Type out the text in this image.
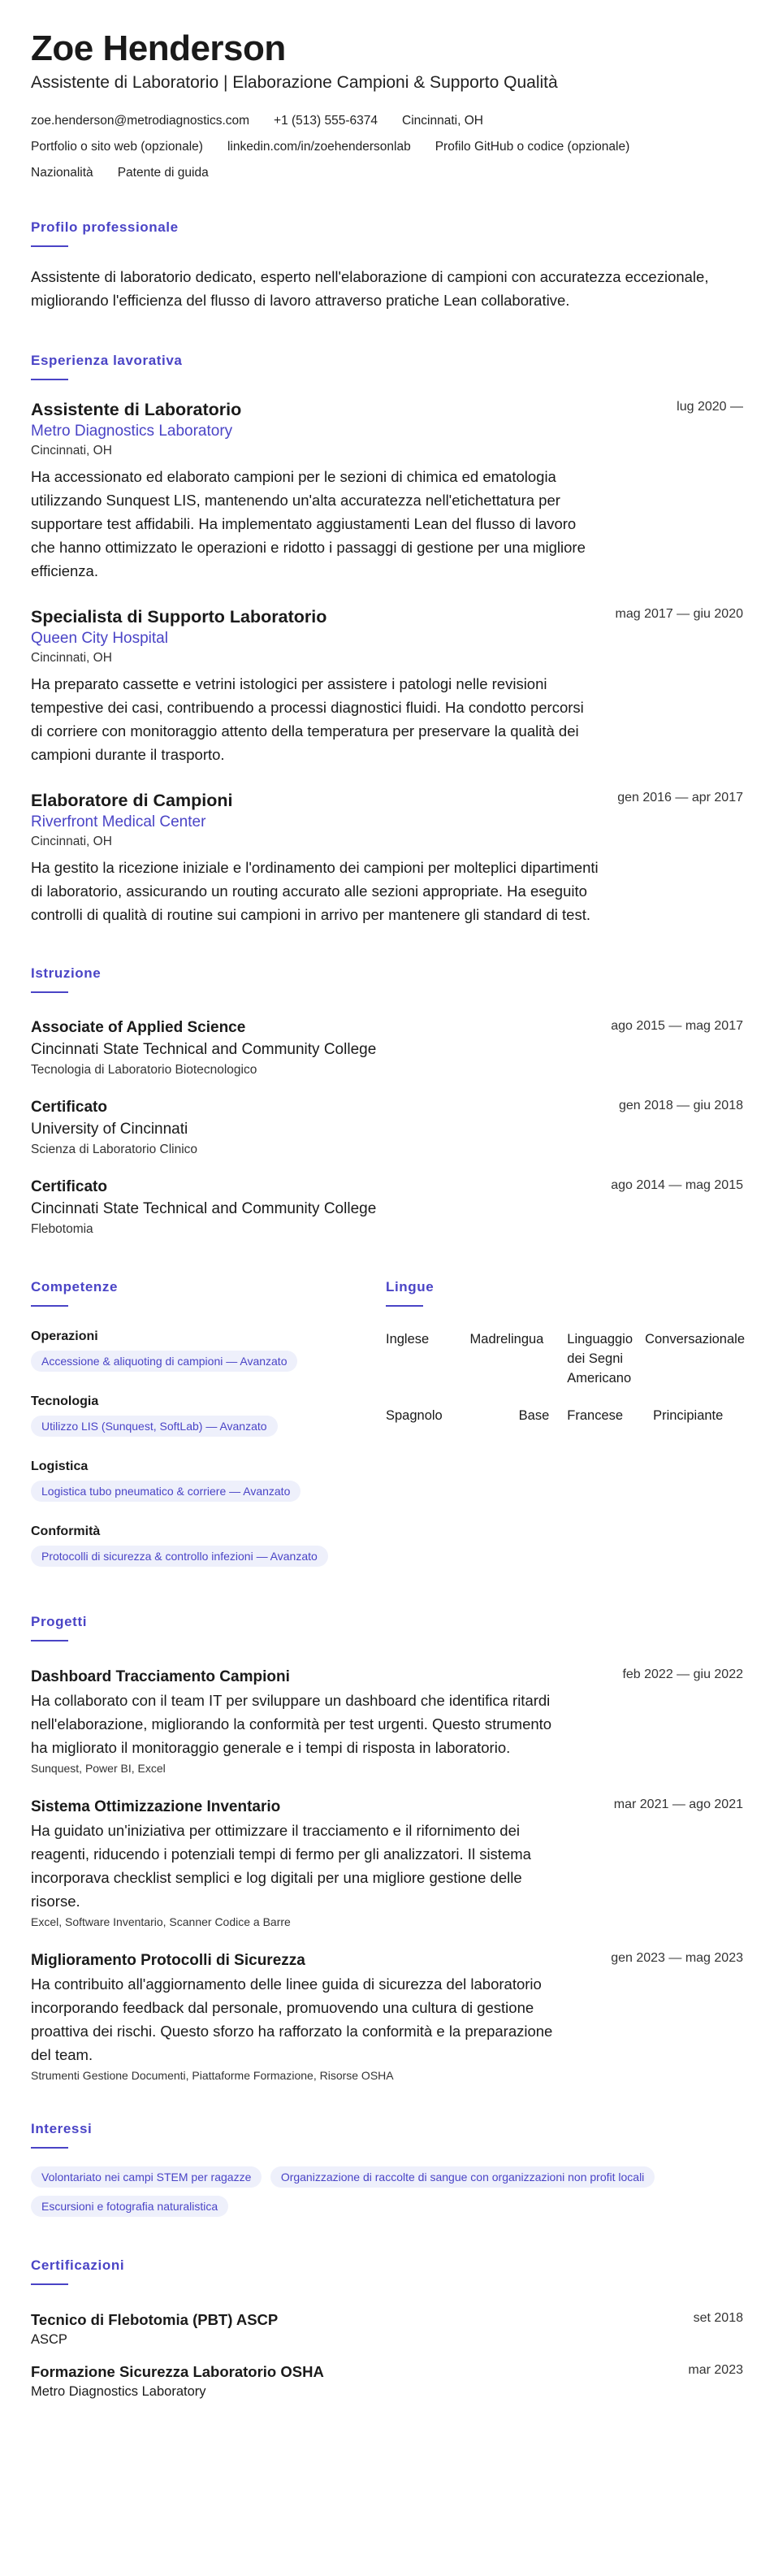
Zoe Henderson
Assistente di Laboratorio | Elaborazione Campioni & Supporto Qualità
zoe.henderson@metrodiagnostics.com +1 (513) 555-6374 Cincinnati, OH
Portfolio o sito web (opzionale) linkedin.com/in/zoehendersonlab Profilo GitHub o codice (opzionale)
Nazionalità Patente di guida
Profilo professionale

Assistente di laboratorio dedicato, esperto nell'elaborazione di campioni con accuratezza eccezionale, migliorando l'efficienza del flusso di lavoro attraverso pratiche Lean collaborative.

Esperienza lavorativa
Assistente di Laboratorio
Metro Diagnostics Laboratory
Cincinnati, OH
Ha accessionato ed elaborato campioni per le sezioni di chimica ed ematologia utilizzando Sunquest LIS, mantenendo un'alta accuratezza nell'etichettatura per supportare test affidabili. Ha implementato aggiustamenti Lean del flusso di lavoro che hanno ottimizzato le operazioni e ridotto i passaggi di gestione per una migliore efficienza.
lug 2020 —
Specialista di Supporto Laboratorio
Queen City Hospital
Cincinnati, OH
Ha preparato cassette e vetrini istologici per assistere i patologi nelle revisioni tempestive dei casi, contribuendo a processi diagnostici fluidi. Ha condotto percorsi di corriere con monitoraggio attento della temperatura per preservare la qualità dei campioni durante il trasporto.
mag 2017 — giu 2020
Elaboratore di Campioni
Riverfront Medical Center
Cincinnati, OH
Ha gestito la ricezione iniziale e l'ordinamento dei campioni per molteplici dipartimenti di laboratorio, assicurando un routing accurato alle sezioni appropriate. Ha eseguito controlli di qualità di routine sui campioni in arrivo per mantenere gli standard di test.
gen 2016 — apr 2017
Istruzione
Associate of Applied Science
Cincinnati State Technical and Community College
Tecnologia di Laboratorio Biotecnologico
ago 2015 — mag 2017
Certificato
University of Cincinnati
Scienza di Laboratorio Clinico
gen 2018 — giu 2018
Certificato
Cincinnati State Technical and Community College
Flebotomia
ago 2014 — mag 2015
Competenze
Operazioni
Accessione & aliquoting di campioni — Avanzato
Tecnologia
Utilizzo LIS (Sunquest, SoftLab) — Avanzato
Logistica
Logistica tubo pneumatico & corriere — Avanzato
Conformità
Protocolli di sicurezza & controllo infezioni — Avanzato
Lingue
Inglese	Madrelingua	Linguaggio dei Segni Americano	Conversazionale
Spagnolo	Base	Francese	Principiante
Progetti
Dashboard Tracciamento Campioni
Ha collaborato con il team IT per sviluppare un dashboard che identifica ritardi nell'elaborazione, migliorando la conformità per test urgenti. Questo strumento ha migliorato il monitoraggio generale e i tempi di risposta in laboratorio.
Sunquest, Power BI, Excel
feb 2022 — giu 2022
Sistema Ottimizzazione Inventario
Ha guidato un'iniziativa per ottimizzare il tracciamento e il rifornimento dei reagenti, riducendo i potenziali tempi di fermo per gli analizzatori. Il sistema incorporava checklist semplici e log digitali per una migliore gestione delle risorse.
Excel, Software Inventario, Scanner Codice a Barre
mar 2021 — ago 2021
Miglioramento Protocolli di Sicurezza
Ha contribuito all'aggiornamento delle linee guida di sicurezza del laboratorio incorporando feedback dal personale, promuovendo una cultura di gestione proattiva dei rischi. Questo sforzo ha rafforzato la conformità e la preparazione del team.
Strumenti Gestione Documenti, Piattaforme Formazione, Risorse OSHA
gen 2023 — mag 2023
Interessi
Volontariato nei campi STEM per ragazze	Organizzazione di raccolte di sangue con organizzazioni non profit locali Escursioni e fotografia naturalistica
Certificazioni
Tecnico di Flebotomia (PBT) ASCP
ASCP
set 2018
Formazione Sicurezza Laboratorio OSHA
Metro Diagnostics Laboratory
mar 2023
